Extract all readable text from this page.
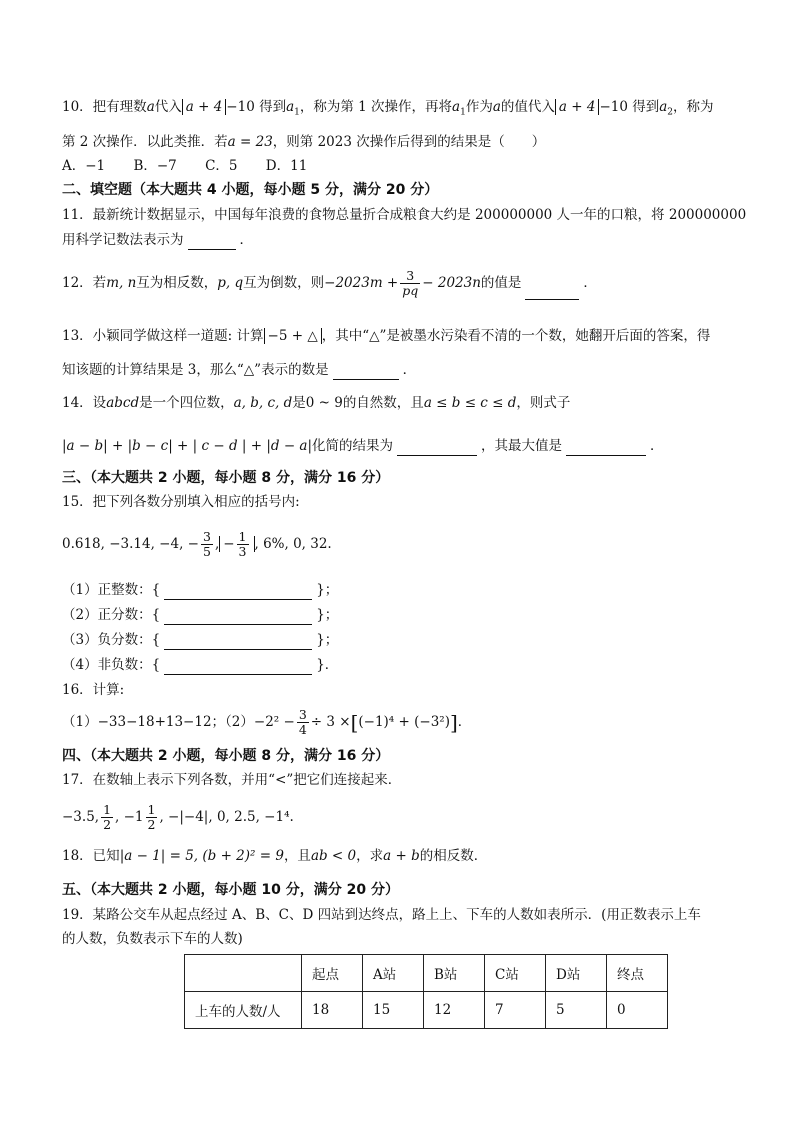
10．把有理数a代入 a + 4 −10 得到$a_1$，称为第 1 次操作，再将$a_1$作为a的值代入 a + 4 −10 得到$a_2$，称为
第 2 次操作．以此类推．若a = 23，则第 2023 次操作后得到的结果是（　　）
A．−1 B．−7 C．5 D．11
二、填空题（本大题共 4 小题，每小题 5 分，满分 20 分）
11．最新统计数据显示，中国每年浪费的食物总量折合成粮食大约是 200000000 人一年的口粮，将 200000000
用科学记数法表示为	．
12．若m, n互为相反数，p, q互为倒数，则$-2023m + \frac{3}{pq} - 2023n$的值是	．
13．小颖同学做这样一道题: 计算 −5 + △ ，其中“△”是被墨水污染看不清的一个数，她翻开后面的答案，得
知该题的计算结果是 3，那么“△”表示的数是	．
14．设abcd是一个四位数，a, b, c, d是0 ~ 9的自然数，且a ≤ b ≤ c ≤ d，则式子
|a − b| + |b − c| + | c − d | + |d − a|化简的结果为	，其最大值是	．
三、（本大题共 2 小题，每小题 8 分，满分 16 分）
15．把下列各数分别填入相应的括号内:
0.618, −3.14, −4, − $\frac{3}{5}$ , − $\frac{1}{3}$ , 6%, 0, 32.
（1）正整数：{	}；
（2）正分数：{	}；
（3）负分数：{	}；
（4）非负数：{	}．
16．计算:
（1）−33−18+13−12；$(2)-2^2 - \frac{3}{4} \div 3 \times[(-1)^4 + (-3^2)]$．
四、（本大题共 2 小题，每小题 8 分，满分 16 分）
17．在数轴上表示下列各数，并用“<”把它们连接起来．
−3.5, $\frac{1}{2}$ , $-1 \frac{1}{2}$ , −|−4|, 0, 2.5, −1⁴.
18．已知|a − 1| = 5, (b + 2)² = 9，且ab < 0，求a + b的相反数．
五、（本大题共 2 小题，每小题 10 分，满分 20 分）
19．某路公交车从起点经过 A、B、C、D 四站到达终点，路上上、下车的人数如表所示．(用正数表示上车
的人数，负数表示下车的人数)
	起点	A站	B站	C站	D站	终点
上车的人数/人	18	15	12	7	5	0
